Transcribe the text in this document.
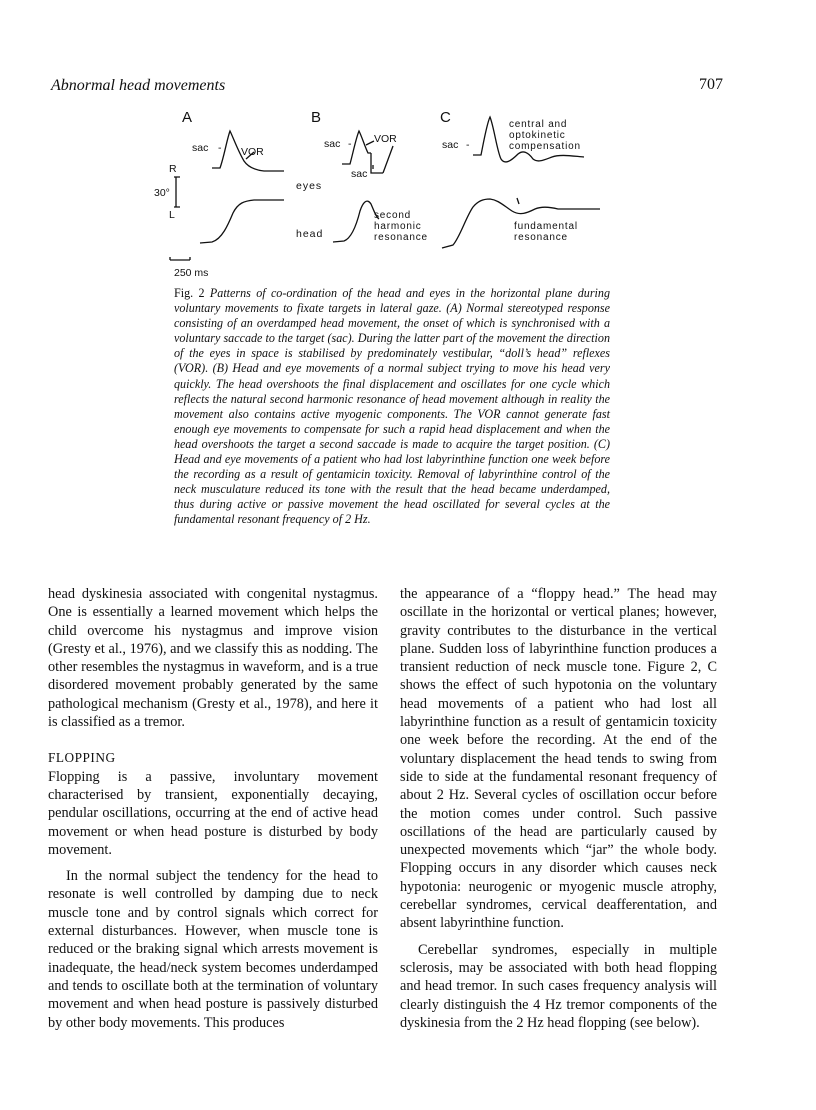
Abnormal head movements	707
A	B	C
sac - VOR
sac - VOR
sac
sac -
R
30°
L
eyes
head
second
harmonic
resonance
central and
optokinetic
compensation
fundamental
resonance
250 ms
Fig. 2 Patterns of co-ordination of the head and eyes in the horizontal plane during voluntary movements to fixate targets in lateral gaze. (A) Normal stereotyped response consisting of an overdamped head movement, the onset of which is synchronised with a voluntary saccade to the target (sac). During the latter part of the movement the direction of the eyes in space is stabilised by predominately vestibular, “doll’s head” reflexes (VOR). (B) Head and eye movements of a normal subject trying to move his head very quickly. The head overshoots the final displacement and oscillates for one cycle which reflects the natural second harmonic resonance of head movement although in reality the movement also contains active myogenic components. The VOR cannot generate fast enough eye movements to compensate for such a rapid head displacement and when the head overshoots the target a second saccade is made to acquire the target position. (C) Head and eye movements of a patient who had lost labyrinthine function one week before the recording as a result of gentamicin toxicity. Removal of labyrinthine control of the neck musculature reduced its tone with the result that the head became underdamped, thus during active or passive movement the head oscillated for several cycles at the fundamental resonant frequency of 2 Hz.

head dyskinesia associated with congenital nystagmus. One is essentially a learned movement which helps the child overcome his nystagmus and improve vision (Gresty et al., 1976), and we classify this as nodding. The other resembles the nystagmus in waveform, and is a true disordered movement probably generated by the same pathological mechanism (Gresty et al., 1978), and here it is classified as a tremor.

FLOPPING

Flopping is a passive, involuntary movement characterised by transient, exponentially decaying, pendular oscillations, occurring at the end of active head movement or when head posture is disturbed by body movement.

In the normal subject the tendency for the head to resonate is well controlled by damping due to neck muscle tone and by control signals which correct for external disturbances. However, when muscle tone is reduced or the braking signal which arrests movement is inadequate, the head/neck system becomes underdamped and tends to oscillate both at the termination of voluntary movement and when head posture is passively disturbed by other body movements. This produces

the appearance of a “floppy head.” The head may oscillate in the horizontal or vertical planes; however, gravity contributes to the disturbance in the vertical plane. Sudden loss of labyrinthine function produces a transient reduction of neck muscle tone. Figure 2, C shows the effect of such hypotonia on the voluntary head movements of a patient who had lost all labyrinthine function as a result of gentamicin toxicity one week before the recording. At the end of the voluntary displacement the head tends to swing from side to side at the fundamental resonant frequency of about 2 Hz. Several cycles of oscillation occur before the motion comes under control. Such passive oscillations of the head are particularly caused by unexpected movements which “jar” the whole body. Flopping occurs in any disorder which causes neck hypotonia: neurogenic or myogenic muscle atrophy, cerebellar syndromes, cervical deafferentation, and absent labyrinthine function.

Cerebellar syndromes, especially in multiple sclerosis, may be associated with both head flopping and head tremor. In such cases frequency analysis will clearly distinguish the 4 Hz tremor components of the dyskinesia from the 2 Hz head flopping (see below).
